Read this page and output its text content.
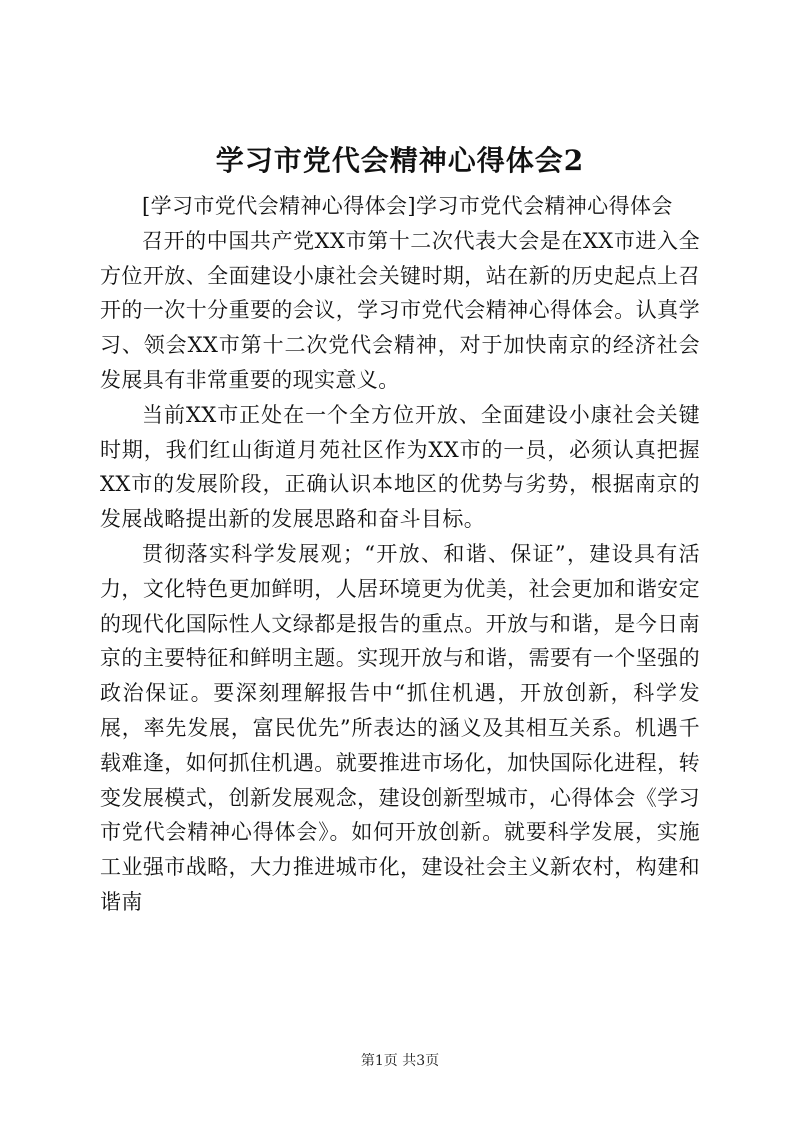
学习市党代会精神心得体会2

[学习市党代会精神心得体会]学习市党代会精神心得体会

召开的中国共产党XX市第十二次代表大会是在XX市进入全方位开放、全面建设小康社会关键时期，站在新的历史起点上召开的一次十分重要的会议，学习市党代会精神心得体会。认真学习、领会XX市第十二次党代会精神，对于加快南京的经济社会发展具有非常重要的现实意义。

当前XX市正处在一个全方位开放、全面建设小康社会关键时期，我们红山街道月苑社区作为XX市的一员，必须认真把握XX市的发展阶段，正确认识本地区的优势与劣势，根据南京的发展战略提出新的发展思路和奋斗目标。

贯彻落实科学发展观；“开放、和谐、保证”，建设具有活力，文化特色更加鲜明，人居环境更为优美，社会更加和谐安定的现代化国际性人文绿都是报告的重点。开放与和谐，是今日南京的主要特征和鲜明主题。实现开放与和谐，需要有一个坚强的政治保证。要深刻理解报告中“抓住机遇，开放创新，科学发展，率先发展，富民优先”所表达的涵义及其相互关系。机遇千载难逢，如何抓住机遇。就要推进市场化，加快国际化进程，转变发展模式，创新发展观念，建设创新型城市，心得体会《学习市党代会精神心得体会》。如何开放创新。就要科学发展，实施工业强市战略，大力推进城市化，建设社会主义新农村，构建和谐南

第1页 共3页
